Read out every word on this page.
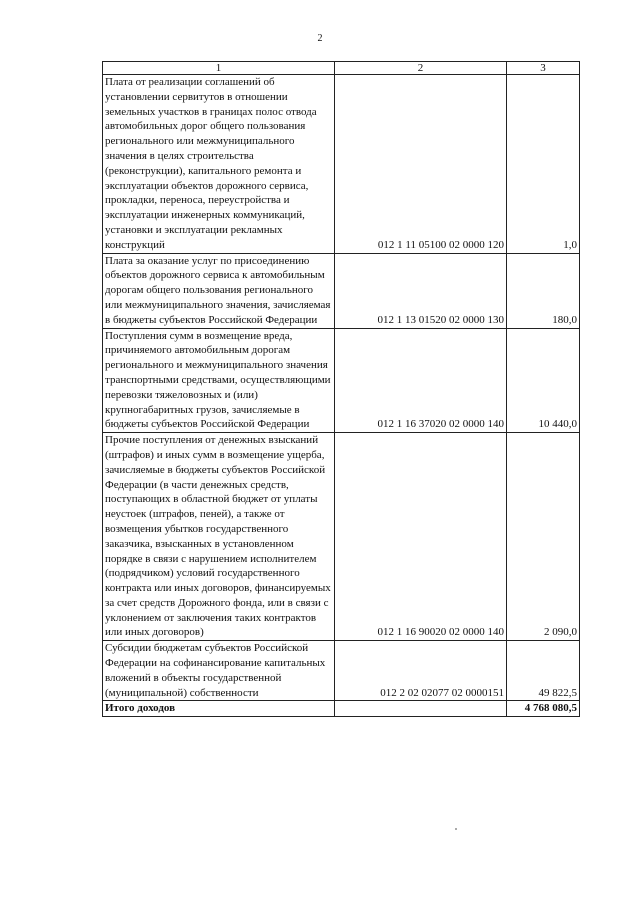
2
1	2	3
Плата от реализации соглашений об установлении сервитутов в отношении земельных участков в границах полос отвода автомобильных дорог общего пользования регионального или межмуниципального значения в целях строительства (реконструкции), капитального ремонта и эксплуатации объектов дорожного сервиса, прокладки, переноса, переустройства и эксплуатации инженерных коммуникаций, установки и эксплуатации рекламных конструкций	012 1 11 05100 02 0000 120	1,0
Плата за оказание услуг по присоединению объектов дорожного сервиса к автомобильным дорогам общего пользования регионального или межмуниципального значения, зачисляемая в бюджеты субъектов Российской Федерации	012 1 13 01520 02 0000 130	180,0
Поступления сумм в возмещение вреда, причиняемого автомобильным дорогам регионального и межмуниципального значения транспортными средствами, осуществляющими перевозки тяжеловозных и (или) крупногабаритных грузов, зачисляемые в бюджеты субъектов Российской Федерации	012 1 16 37020 02 0000 140	10 440,0
Прочие поступления от денежных взысканий (штрафов) и иных сумм в возмещение ущерба, зачисляемые в бюджеты субъектов Российской Федерации (в части денежных средств, поступающих в областной бюджет от уплаты неустоек (штрафов, пеней), а также от возмещения убытков государственного заказчика, взысканных в установленном порядке в связи с нарушением исполнителем (подрядчиком) условий государственного контракта или иных договоров, финансируемых за счет средств Дорожного фонда, или в связи с уклонением от заключения таких контрактов или иных договоров)	012 1 16 90020 02 0000 140	2 090,0
Субсидии бюджетам субъектов Российской Федерации на софинансирование капитальных вложений в объекты государственной (муниципальной) собственности	012 2 02 02077 02 0000151	49 822,5
Итого доходов		4 768 080,5
